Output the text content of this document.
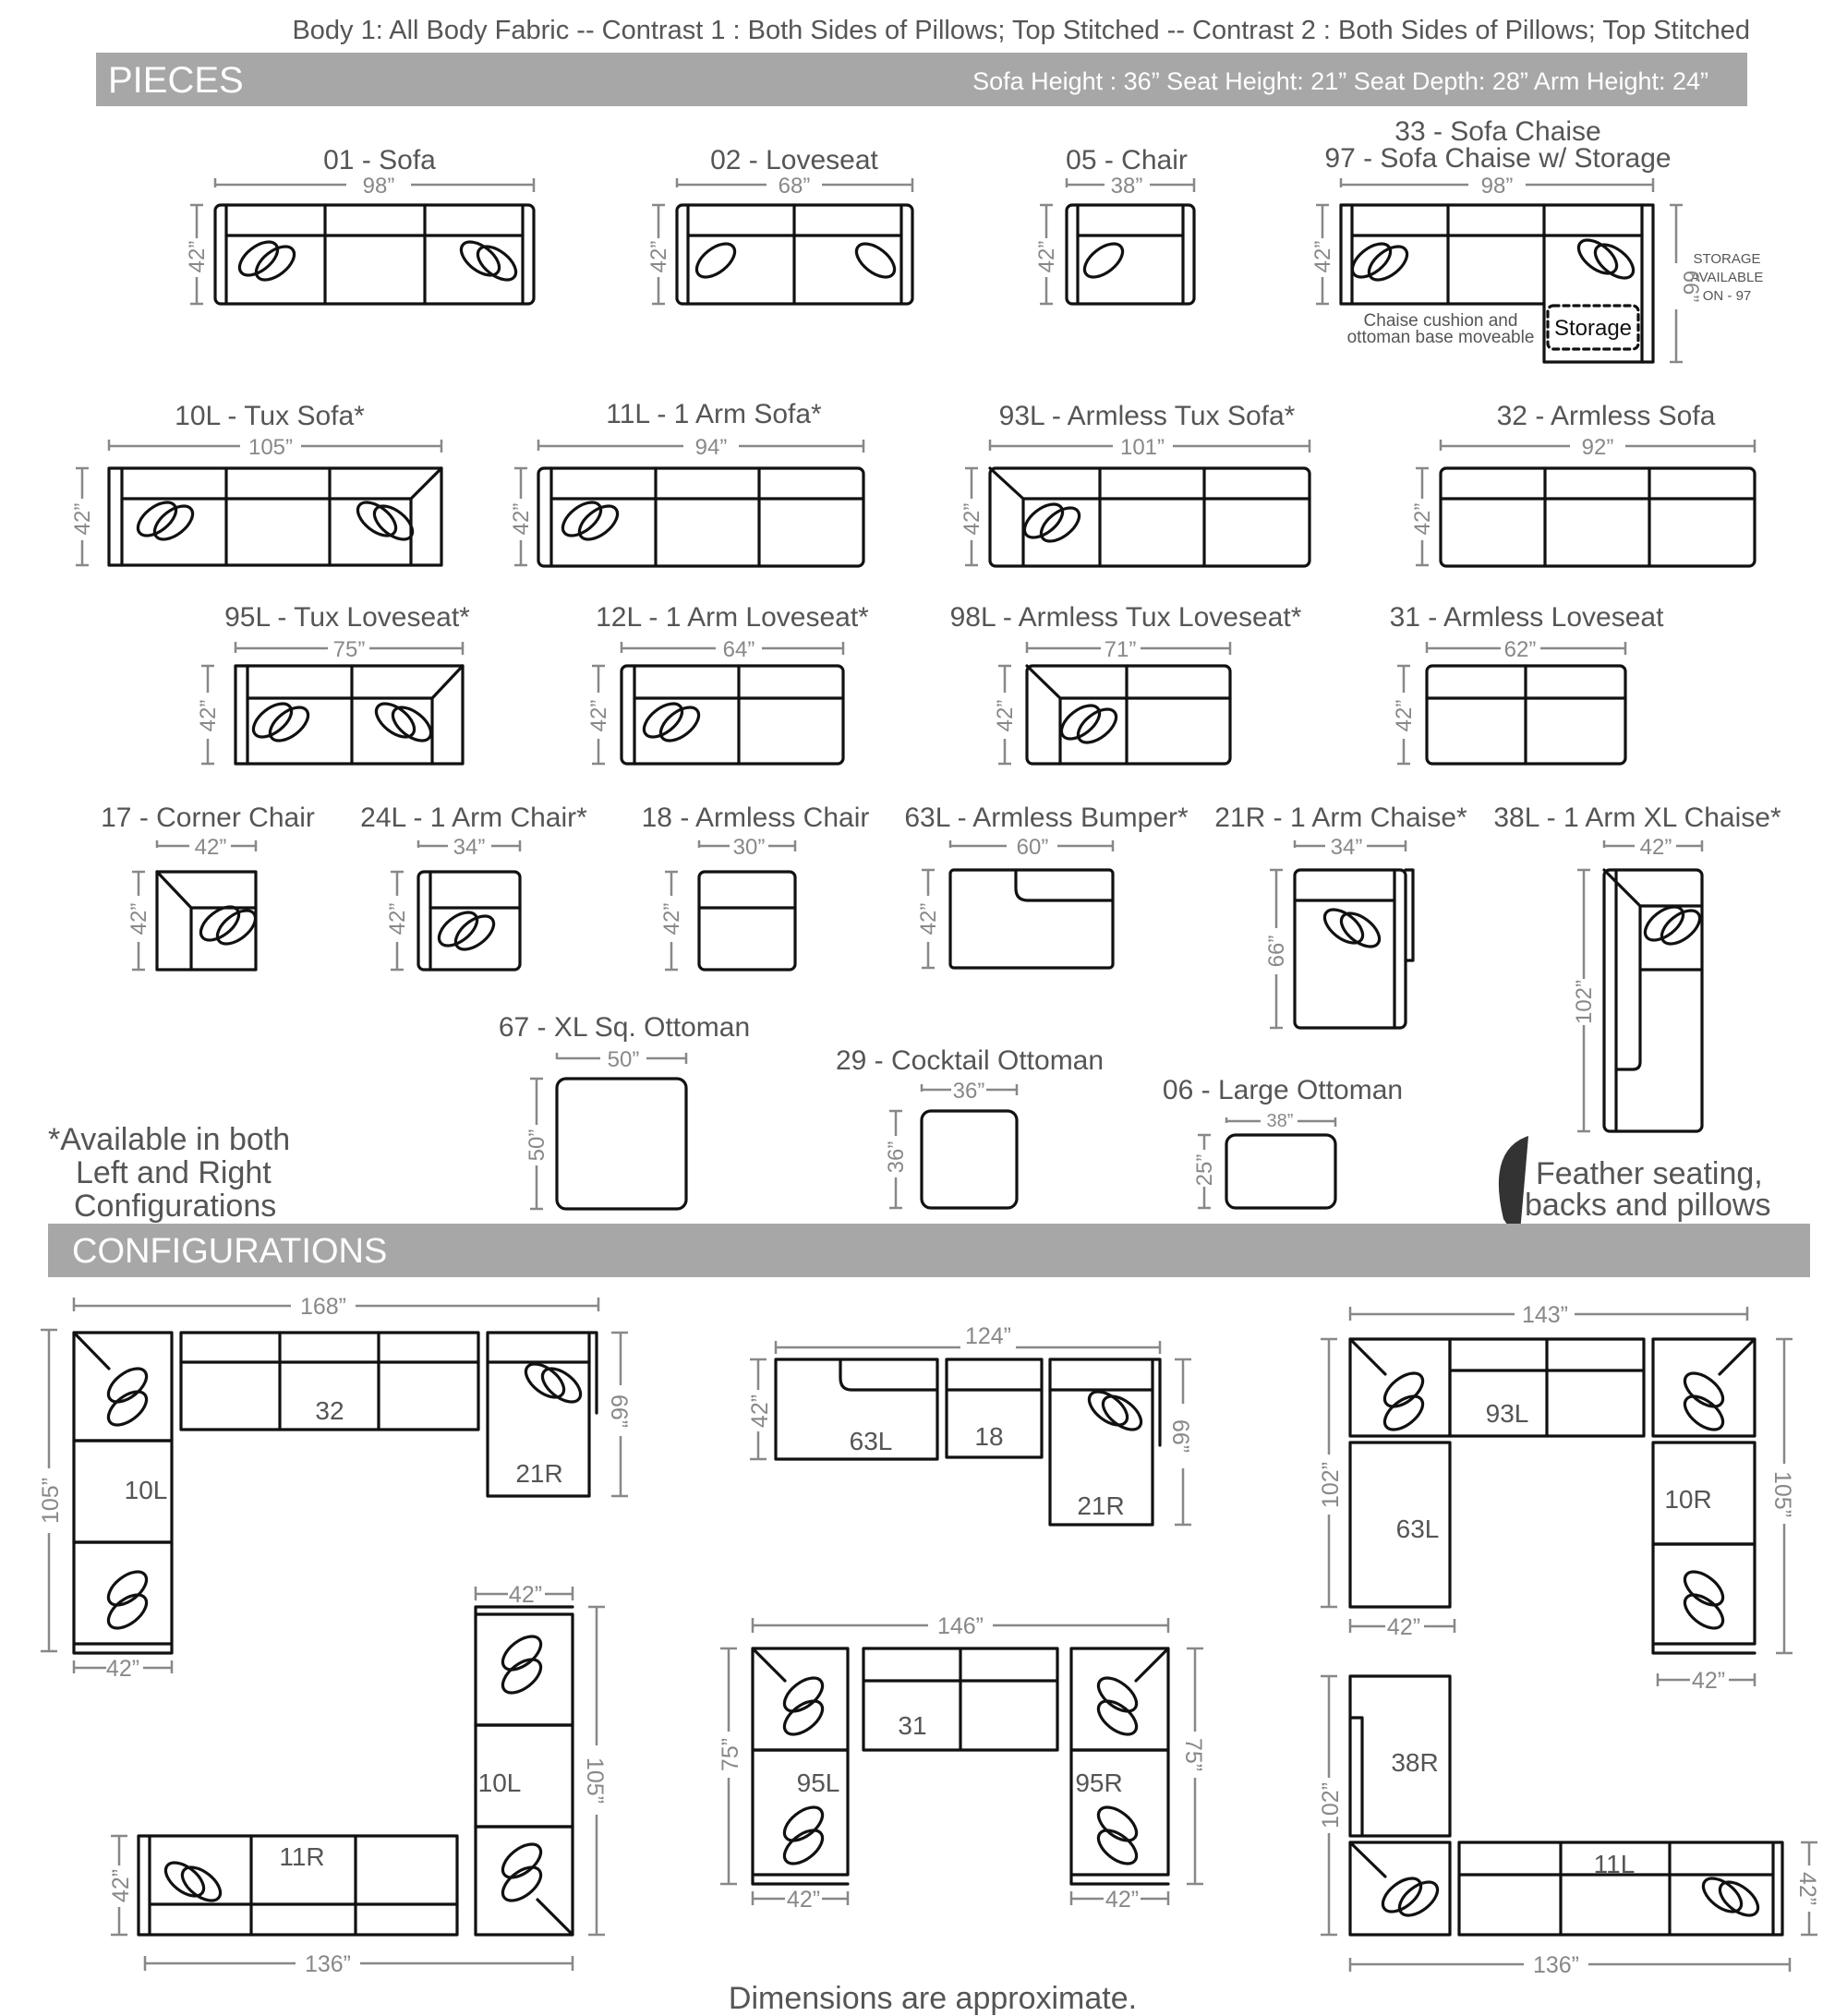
Body 1: All Body Fabric -- Contrast 1 : Both Sides of Pillows; Top Stitched -- Contrast 2 : Both Sides of Pillows; Top Stitched
PIECES	Sofa Height : 36” Seat Height: 21” Seat Depth: 28” Arm Height: 24”
01 - Sofa	02 - Loveseat	05 - Chair
33 - Sofa Chaise
97 - Sofa Chaise w/ Storage
10L - Tux Sofa*	11L - 1 Arm Sofa*	93L - Armless Tux Sofa*	32 - Armless Sofa
95L - Tux Loveseat*	12L - 1 Arm Loveseat*	98L - Armless Tux Loveseat*	31 - Armless Loveseat
17 - Corner Chair 24L - 1 Arm Chair* 18 - Armless Chair 63L - Armless Bumper* 21R - 1 Arm Chaise* 38L - 1 Arm XL Chaise*
67 - XL Sq. Ottoman
29 - Cocktail Ottoman
06 - Large Ottoman
Storage
Chaise cushion and
ottoman base moveable
STORAGE
AVAILABLE
ON - 97
98”	68”	38”	98”
105”	94”	101”	92”
75”	64”	71”	62”
42”	34”	30”	60”	34”	42”
50”
36”
38”
42”	42”	42”	42”
66”
42”	42”	42”	42”
42”	42”	42”	42”
42”	42”	42”	42”
66”
102”
50”	36”	25”
*Available in both
Left and Right
Configurations
Feather seating,
backs and pillows
CONFIGURATIONS
32
10L
21R
63L	18
21R
93L
63L
10R
11R
10L
31
95L	95R
38R
11L
168”
105”
66”
42”
124”
42”
66”
143”
102”	105”
42”
42”
42”
105”
42”
136”
146”
75”	75”
42”	42”
102”
42”
136”
Dimensions are approximate.
